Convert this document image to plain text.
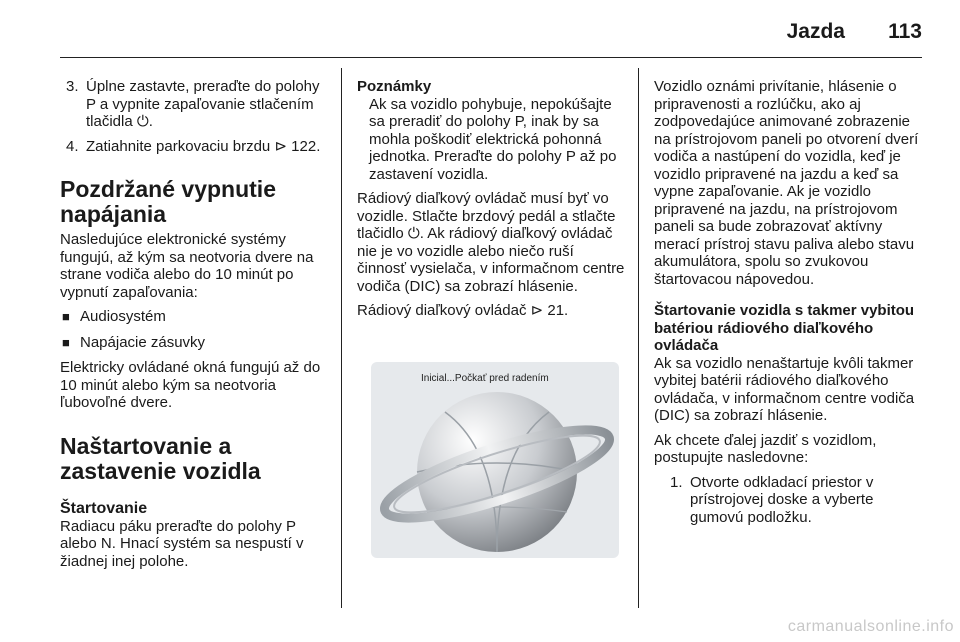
Jazda 113
3. Úplne zastavte, preraďte do polohy P a vypnite zapaľovanie stlačením tlačidla ⏻.
4. Zatiahnite parkovaciu brzdu ⊳ 122.
Pozdržané vypnutie napájania

Nasledujúce elektronické systémy fungujú, až kým sa neotvoria dvere na strane vodiča alebo do 10 minút po vypnutí zapaľovania:

■ Audiosystém
■ Napájacie zásuvky

Elektricky ovládané okná fungujú až do 10 minút alebo kým sa neotvoria ľubovoľné dvere.

Naštartovanie a zastavenie vozidla
Štartovanie

Radiacu páku preraďte do polohy P alebo N. Hnací systém sa nespustí v žiadnej inej polohe.

Poznámky

Ak sa vozidlo pohybuje, nepokúšajte sa preradiť do polohy P, inak by sa mohla poškodiť elektrická pohonná jednotka. Preraďte do polohy P až po zastavení vozidla.

Rádiový diaľkový ovládač musí byť vo vozidle. Stlačte brzdový pedál a stlačte tlačidlo ⏻. Ak rádiový diaľkový ovládač nie je vo vozidle alebo niečo ruší činnosť vysielača, v informačnom centre vodiča (DIC) sa zobrazí hlásenie.

Rádiový diaľkový ovládač ⊳ 21.

Inicial...Počkať pred radením

Vozidlo oznámi privítanie, hlásenie o pripravenosti a rozlúčku, ako aj zodpovedajúce animované zobrazenie na prístrojovom paneli po otvorení dverí vodiča a nastúpení do vozidla, keď je vozidlo pripravené na jazdu a keď sa vypne zapaľovanie. Ak je vozidlo pripravené na jazdu, na prístrojovom paneli sa bude zobrazovať aktívny merací prístroj stavu paliva alebo stavu akumulátora, spolu so zvukovou štartovacou nápovedou.

Štartovanie vozidla s takmer vybitou batériou rádiového diaľkového ovládača

Ak sa vozidlo nenaštartuje kvôli takmer vybitej batérii rádiového diaľkového ovládača, v informačnom centre vodiča (DIC) sa zobrazí hlásenie.

Ak chcete ďalej jazdiť s vozidlom, postupujte nasledovne:

1. Otvorte odkladací priestor v prístrojovej doske a vyberte gumovú podložku.
carmanualsonline.info
